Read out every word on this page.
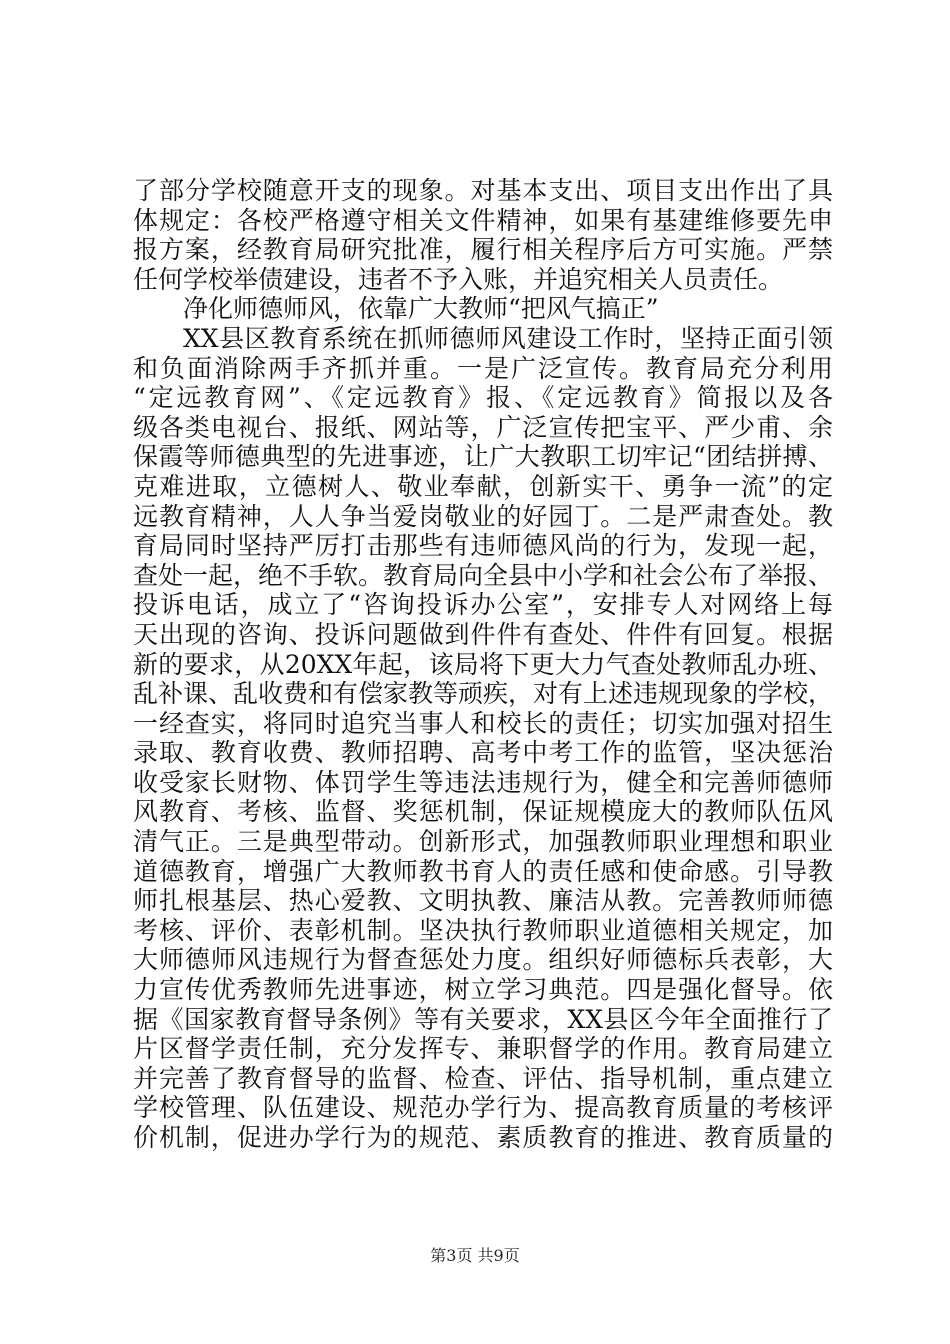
了部分学校随意开支的现象。对基本支出、项目支出作出了具
体规定：各校严格遵守相关文件精神，如果有基建维修要先申
报方案，经教育局研究批准，履行相关程序后方可实施。严禁
任何学校举债建设，违者不予入账，并追究相关人员责任。
净化师德师风，依靠广大教师“把风气搞正”
XX县区教育系统在抓师德师风建设工作时，坚持正面引领
和负面消除两手齐抓并重。一是广泛宣传。教育局充分利用
“定远教育网”、《定远教育》报、《定远教育》简报以及各
级各类电视台、报纸、网站等，广泛宣传把宝平、严少甫、余
保霞等师德典型的先进事迹，让广大教职工切牢记“团结拼搏、
克难进取，立德树人、敬业奉献，创新实干、勇争一流”的定
远教育精神，人人争当爱岗敬业的好园丁。二是严肃查处。教
育局同时坚持严厉打击那些有违师德风尚的行为，发现一起，
查处一起，绝不手软。教育局向全县中小学和社会公布了举报、
投诉电话，成立了“咨询投诉办公室”，安排专人对网络上每
天出现的咨询、投诉问题做到件件有查处、件件有回复。根据
新的要求，从20XX年起，该局将下更大力气查处教师乱办班、
乱补课、乱收费和有偿家教等顽疾，对有上述违规现象的学校，
一经查实，将同时追究当事人和校长的责任；切实加强对招生
录取、教育收费、教师招聘、高考中考工作的监管，坚决惩治
收受家长财物、体罚学生等违法违规行为，健全和完善师德师
风教育、考核、监督、奖惩机制，保证规模庞大的教师队伍风
清气正。三是典型带动。创新形式，加强教师职业理想和职业
道德教育，增强广大教师教书育人的责任感和使命感。引导教
师扎根基层、热心爱教、文明执教、廉洁从教。完善教师师德
考核、评价、表彰机制。坚决执行教师职业道德相关规定，加
大师德师风违规行为督查惩处力度。组织好师德标兵表彰，大
力宣传优秀教师先进事迹，树立学习典范。四是强化督导。依
据《国家教育督导条例》等有关要求，XX县区今年全面推行了
片区督学责任制，充分发挥专、兼职督学的作用。教育局建立
并完善了教育督导的监督、检查、评估、指导机制，重点建立
学校管理、队伍建设、规范办学行为、提高教育质量的考核评
价机制，促进办学行为的规范、素质教育的推进、教育质量的
第3页 共9页
